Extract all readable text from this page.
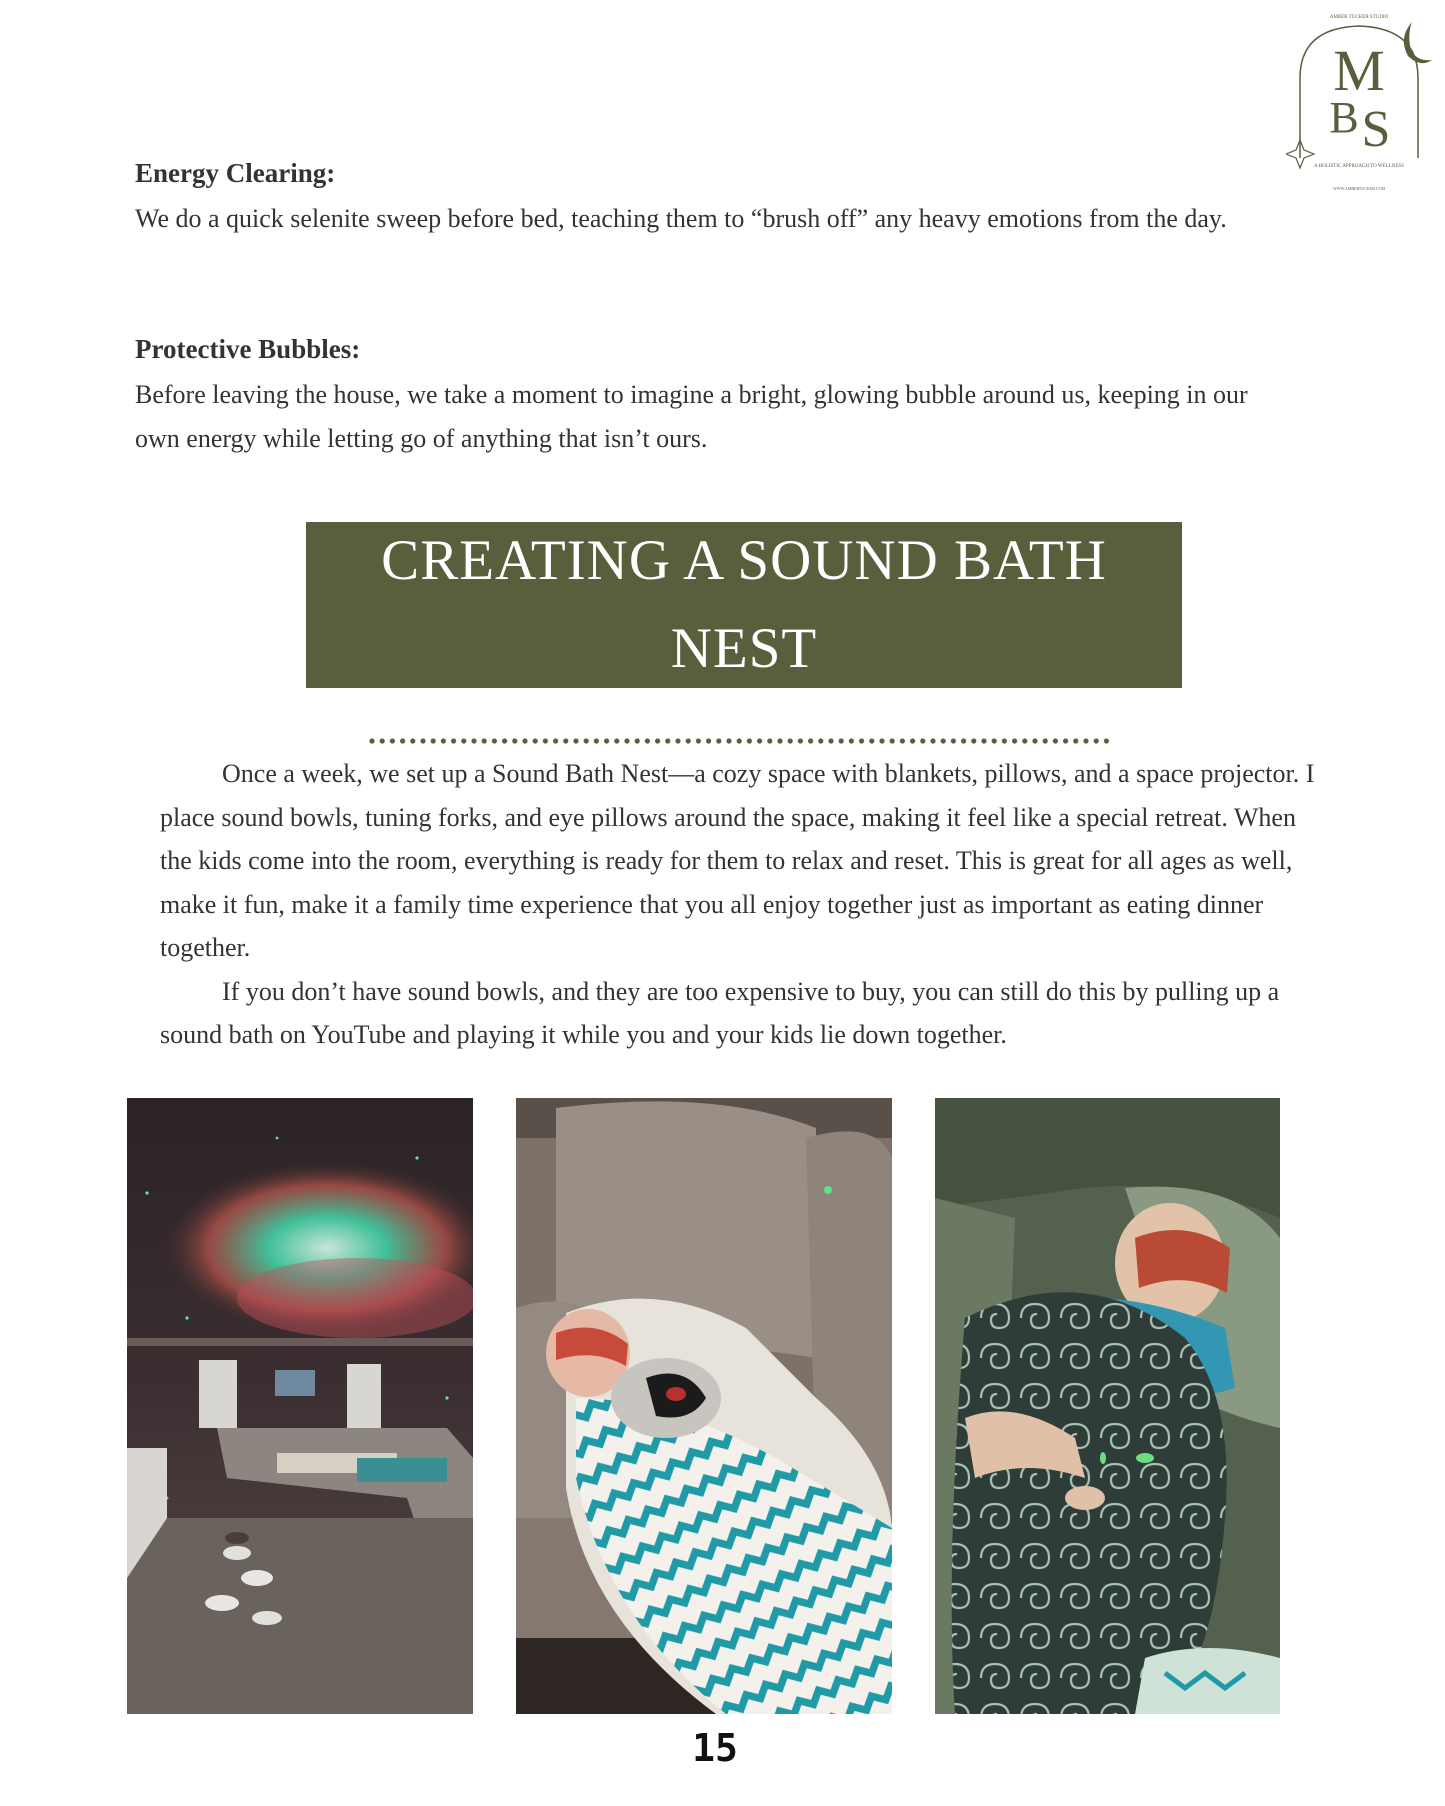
AMBER TUCKER STUDIO
M
B S
A HOLISTIC APPROACH TO WELLNESS
WWW.AMBERTUCKER.COM
Energy Clearing:

We do a quick selenite sweep before bed, teaching them to “brush off” any heavy emotions from the day.

Protective Bubbles:

Before leaving the house, we take a moment to imagine a bright, glowing bubble around us, keeping in our own energy while letting go of anything that isn’t ours.

CREATING A SOUND BATH NEST

Once a week, we set up a Sound Bath Nest—a cozy space with blankets, pillows, and a space projector. I place sound bowls, tuning forks, and eye pillows around the space, making it feel like a special retreat. When the kids come into the room, everything is ready for them to relax and reset. This is great for all ages as well, make it fun, make it a family time experience that you all enjoy together just as important as eating dinner together.

If you don’t have sound bowls, and they are too expensive to buy, you can still do this by pulling up a sound bath on YouTube and playing it while you and your kids lie down together.

15
